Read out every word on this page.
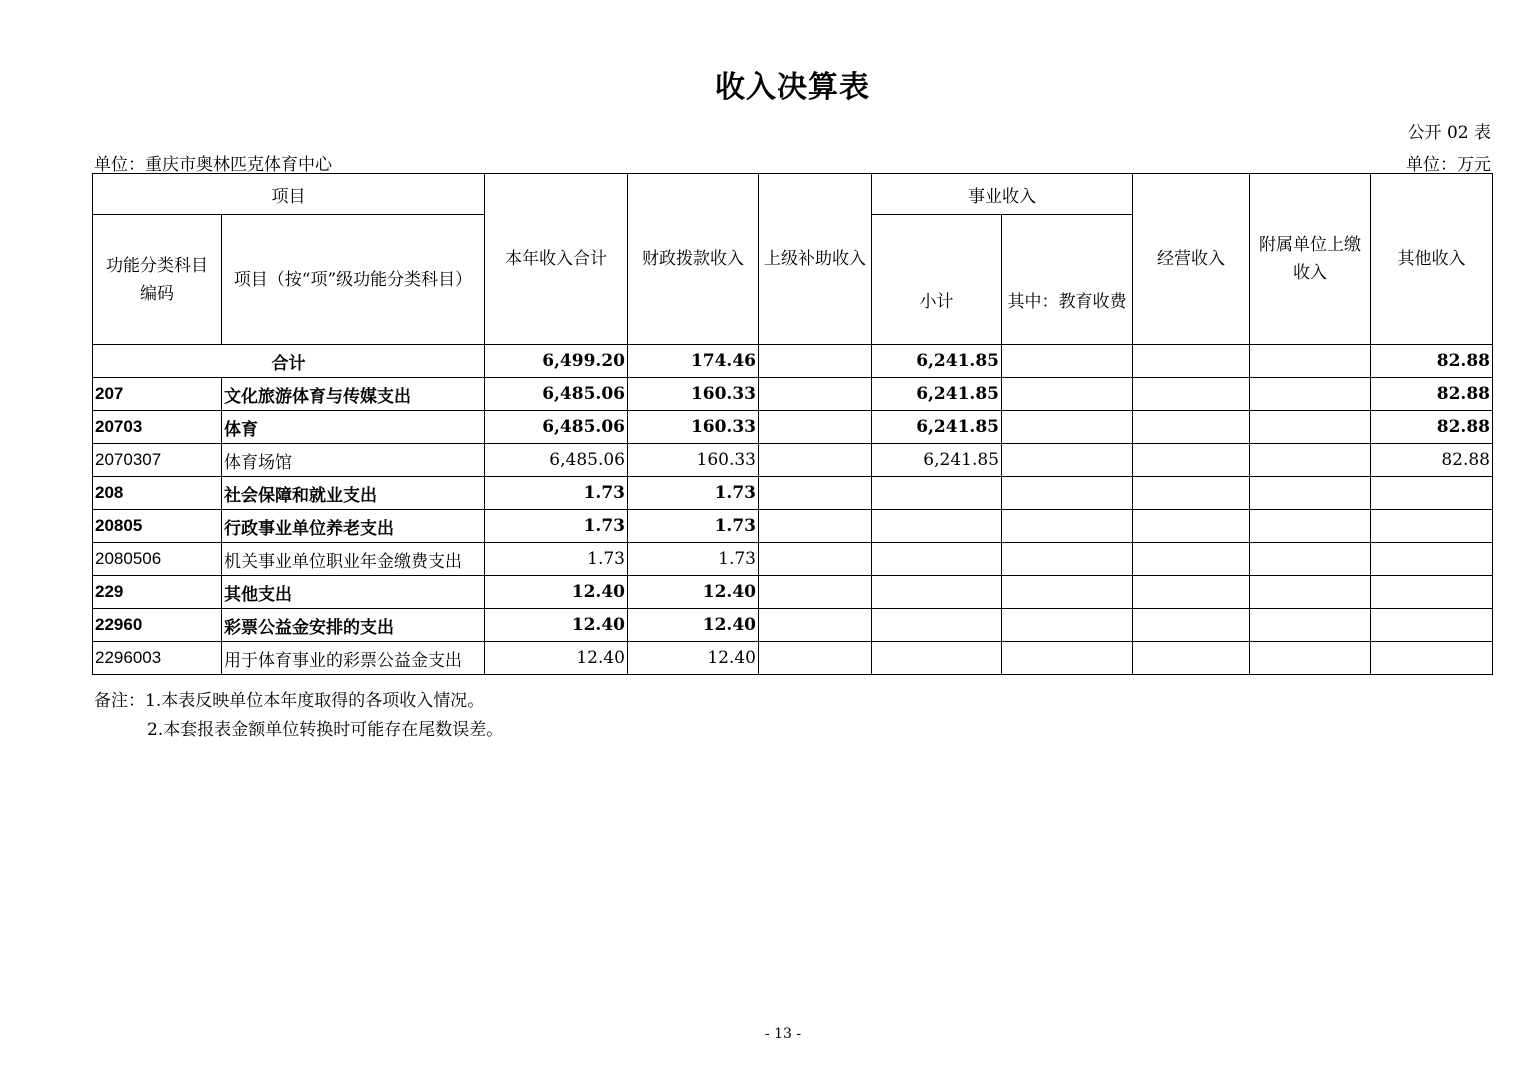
收入决算表
公开 02 表
单位：重庆市奥林匹克体育中心	单位：万元
项目		本年收入合计	财政拨款收入	上级补助收入	事业收入		经营收入	附属单位上缴收入	其他收入
功能分类科目编码	项目（按“项”级功能分类科目）				小计	其中：教育收费			
合计		6,499.20	174.46		6,241.85				82.88
207	文化旅游体育与传媒支出	6,485.06	160.33		6,241.85				82.88
20703	体育	6,485.06	160.33		6,241.85				82.88
2070307	体育场馆	6,485.06	160.33		6,241.85				82.88
208	社会保障和就业支出	1.73	1.73						
20805	行政事业单位养老支出	1.73	1.73						
2080506	机关事业单位职业年金缴费支出	1.73	1.73						
229	其他支出	12.40	12.40						
22960	彩票公益金安排的支出	12.40	12.40						
2296003	用于体育事业的彩票公益金支出	12.40	12.40						
备注：1.本表反映单位本年度取得的各项收入情况。
2.本套报表金额单位转换时可能存在尾数误差。
- 13 -
